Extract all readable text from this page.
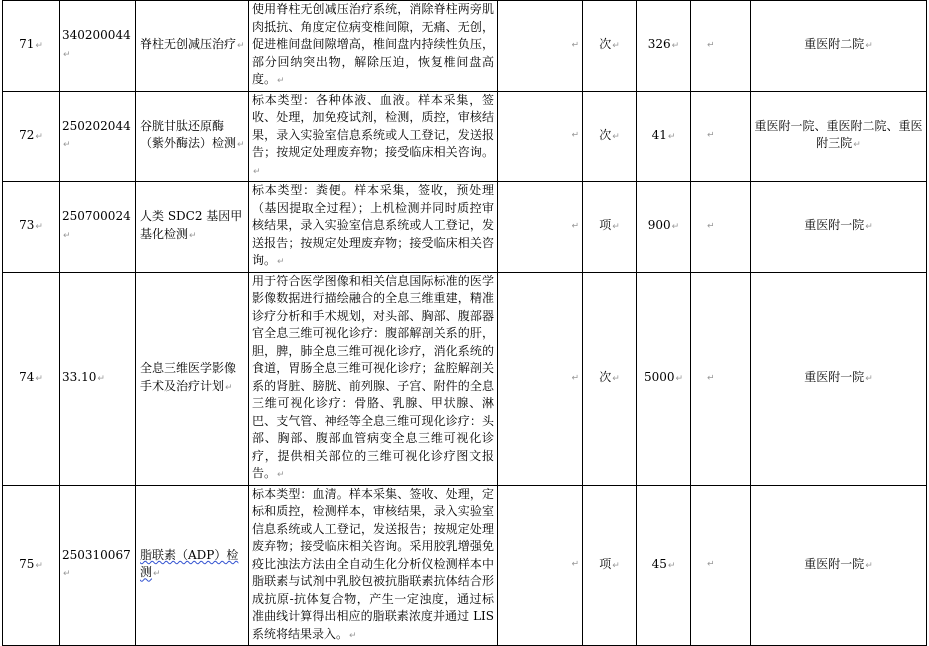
71↵	340200044↵	脊柱无创减压治疗↵	使用脊柱无创减压治疗系统，消除脊柱两旁肌肉抵抗、角度定位病变椎间隙，无痛、无创，促进椎间盘间隙增高，椎间盘内持续性负压，部分回纳突出物，解除压迫，恢复椎间盘高度。↵	↵	次↵	326↵	↵	重医附二院↵
72↵	250202044↵	谷胱甘肽还原酶（紫外酶法）检测↵	标本类型：各种体液、血液。样本采集，签收、处理，加免疫试剂，检测，质控，审核结果，录入实验室信息系统或人工登记，发送报告；按规定处理废弃物；接受临床相关咨询。↵	↵	次↵	41↵	↵	重医附一院、重医附二院、重医附三院↵
73↵	250700024↵	人类 SDC2 基因甲基化检测↵	标本类型：粪便。样本采集，签收，预处理（基因提取全过程）；上机检测并同时质控审核结果，录入实验室信息系统或人工登记，发送报告；按规定处理废弃物；接受临床相关咨询。↵	↵	项↵	900↵	↵	重医附一院↵
74↵	33.10↵	全息三维医学影像手术及治疗计划↵	用于符合医学图像和相关信息国际标准的医学影像数据进行描绘融合的全息三维重建，精准诊疗分析和手术规划，对头部、胸部、腹部器官全息三维可视化诊疗：腹部解剖关系的肝，胆，脾，肺全息三维可视化诊疗，消化系统的食道，胃肠全息三维可视化诊疗；盆腔解剖关系的肾脏、膀胱、前列腺、子宫、附件的全息三维可视化诊疗：骨胳、乳腺、甲状腺、淋巴、支气管、神经等全息三维可现化诊疗：头部、胸部、腹部血管病变全息三维可视化诊疗，提供相关部位的三维可视化诊疗图文报告。↵	↵	次↵	5000↵	↵	重医附一院↵
75↵	250310067↵	脂联素（ADP）检测↵	标本类型：血清。样本采集、签收、处理，定标和质控，检测样本，审核结果，录入实验室信息系统或人工登记，发送报告；按规定处理废弃物；接受临床相关咨询。采用胶乳增强免疫比浊法方法由全自动生化分析仪检测样本中脂联素与试剂中乳胶包被抗脂联素抗体结合形成抗原-抗体复合物，产生一定浊度，通过标准曲线计算得出相应的脂联素浓度并通过 LIS 系统将结果录入。↵	↵	项↵	45↵	↵	重医附一院↵
